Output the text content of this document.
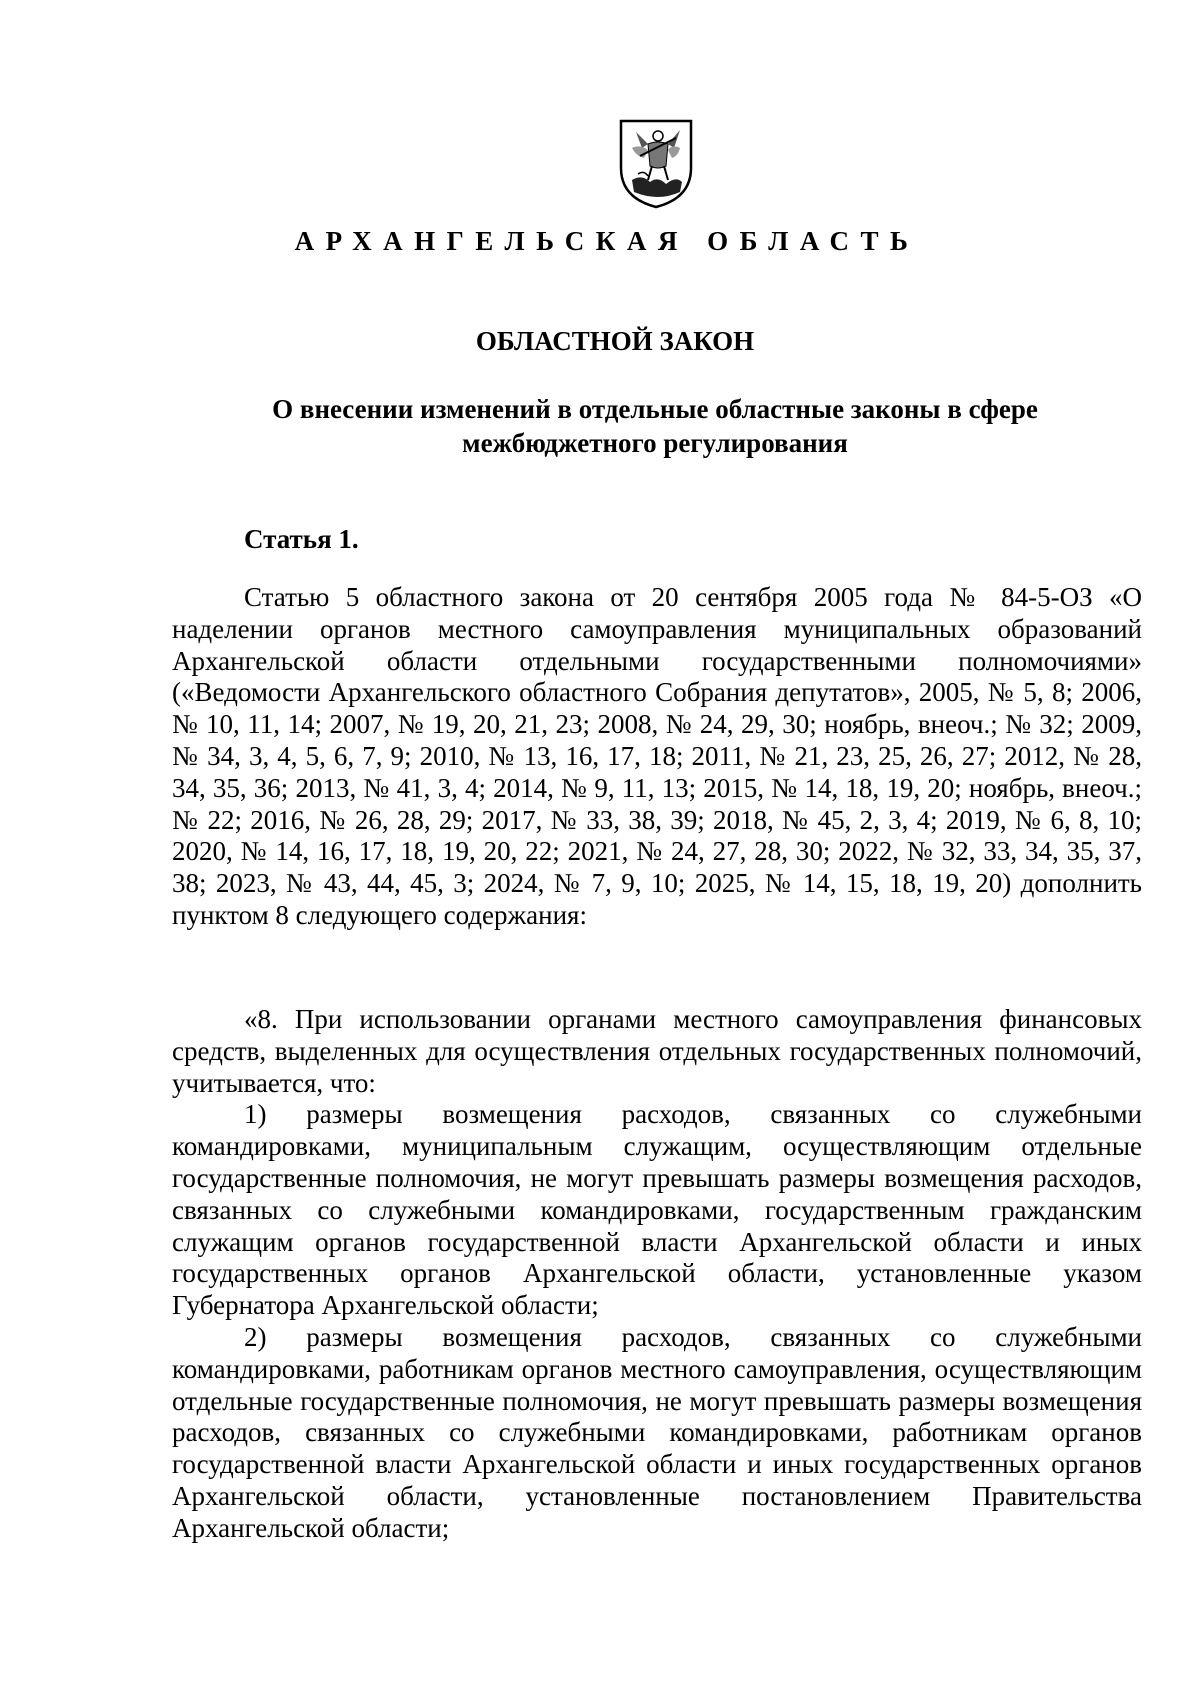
АРХАНГЕЛЬСКАЯ ОБЛАСТЬ
ОБЛАСТНОЙ ЗАКОН
О внесении изменений в отдельные областные законы в сфере межбюджетного регулирования
Статья 1.

Статью 5 областного закона от 20 сентября 2005 года № 84-5-ОЗ «О наделении органов местного самоуправления муниципальных образований Архангельской области отдельными государственными полномочиями» («Ведомости Архангельского областного Собрания депутатов», 2005, № 5, 8; 2006, № 10, 11, 14; 2007, № 19, 20, 21, 23; 2008, № 24, 29, 30; ноябрь, внеоч.; № 32; 2009, № 34, 3, 4, 5, 6, 7, 9; 2010, № 13, 16, 17, 18; 2011, № 21, 23, 25, 26, 27; 2012, № 28, 34, 35, 36; 2013, № 41, 3, 4; 2014, № 9, 11, 13; 2015, № 14, 18, 19, 20; ноябрь, внеоч.; № 22; 2016, № 26, 28, 29; 2017, № 33, 38, 39; 2018, № 45, 2, 3, 4; 2019, № 6, 8, 10; 2020, № 14, 16, 17, 18, 19, 20, 22; 2021, № 24, 27, 28, 30; 2022, № 32, 33, 34, 35, 37, 38; 2023, № 43, 44, 45, 3; 2024, № 7, 9, 10; 2025, № 14, 15, 18, 19, 20) дополнить пунктом 8 следующего содержания:

«8. При использовании органами местного самоуправления финансовых средств, выделенных для осуществления отдельных государственных полномочий, учитывается, что:
1) размеры возмещения расходов, связанных со служебными командировками, муниципальным служащим, осуществляющим отдельные государственные полномочия, не могут превышать размеры возмещения расходов, связанных со служебными командировками, государственным гражданским служащим органов государственной власти Архангельской области и иных государственных органов Архангельской области, установленные указом Губернатора Архангельской области;
2) размеры возмещения расходов, связанных со служебными командировками, работникам органов местного самоуправления, осуществляющим отдельные государственные полномочия, не могут превышать размеры возмещения расходов, связанных со служебными командировками, работникам органов государственной власти Архангельской области и иных государственных органов Архангельской области, установленные постановлением Правительства Архангельской области;
